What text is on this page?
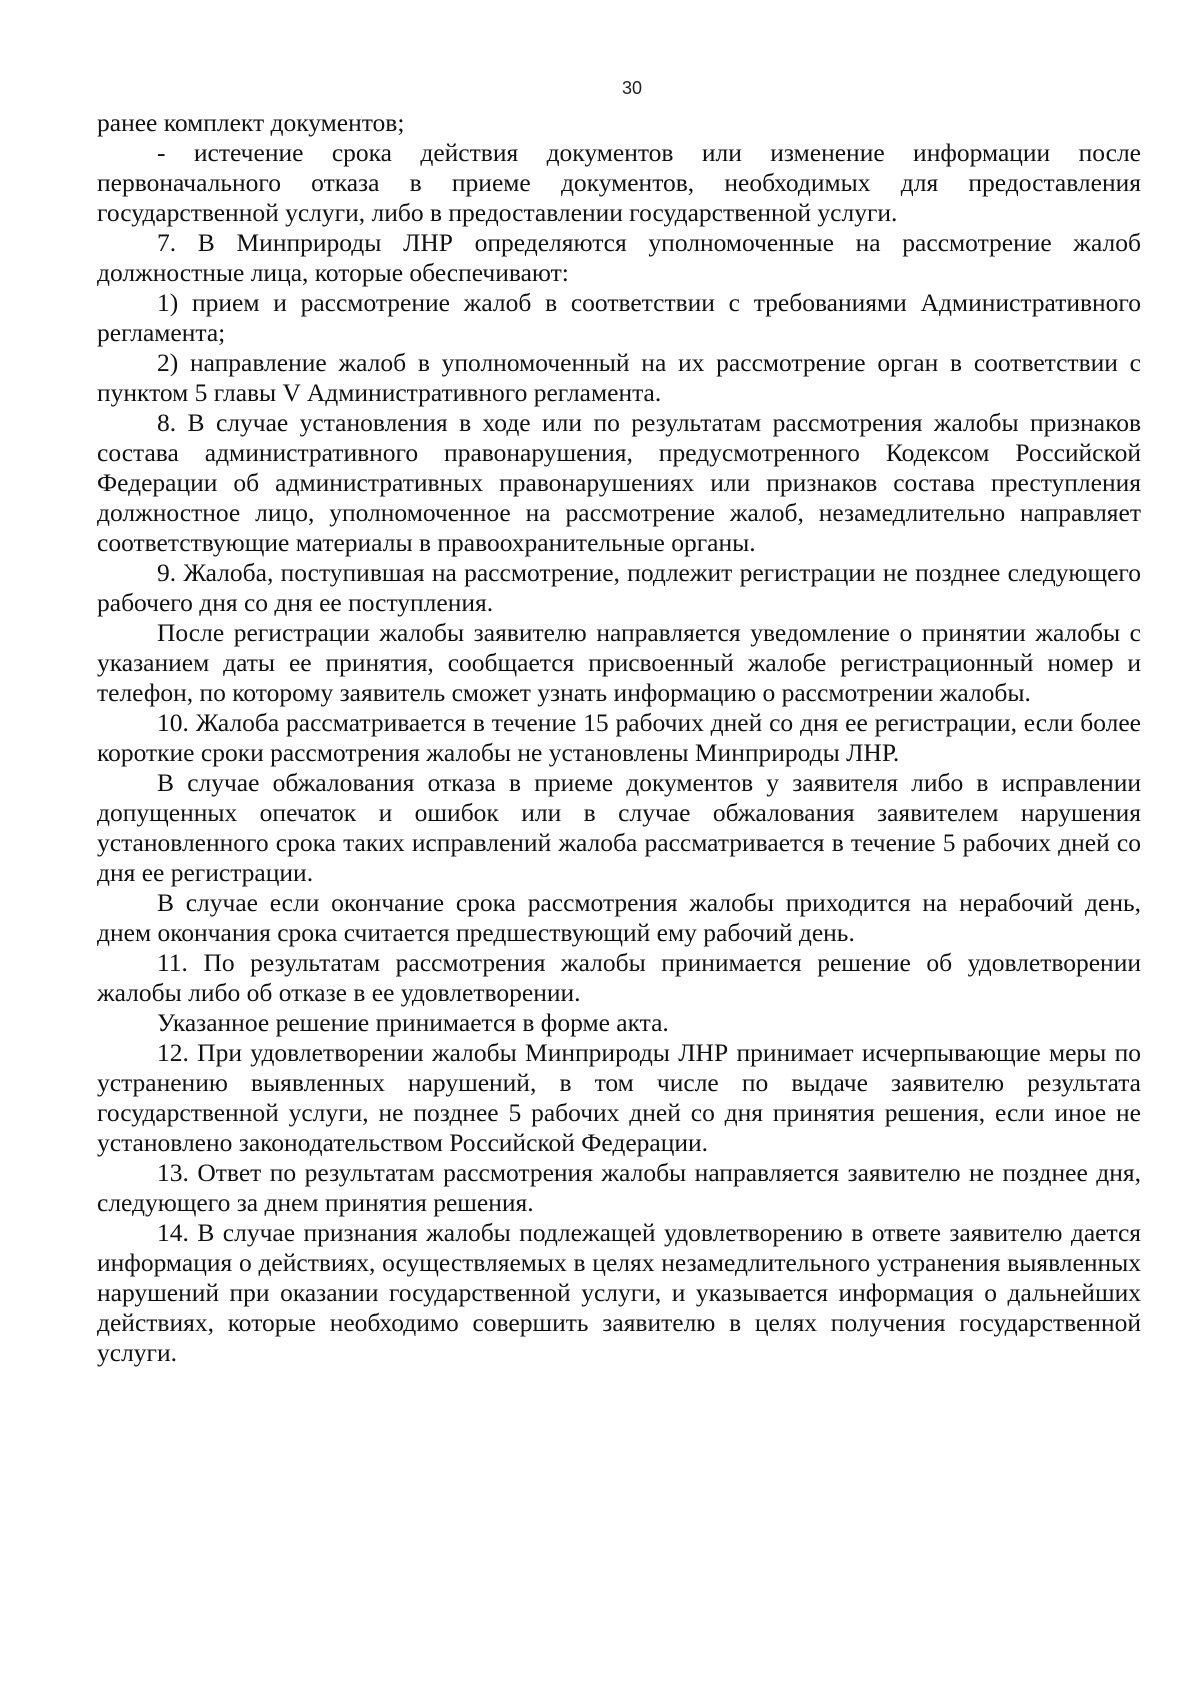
30

ранее комплект документов;

- истечение срока действия документов или изменение информации после первоначального отказа в приеме документов, необходимых для предоставления государственной услуги, либо в предоставлении государственной услуги.

7. В Минприроды ЛНР определяются уполномоченные на рассмотрение жалоб должностные лица, которые обеспечивают:

1) прием и рассмотрение жалоб в соответствии с требованиями Административного регламента;

2) направление жалоб в уполномоченный на их рассмотрение орган в соответствии с пунктом 5 главы V Административного регламента.

8. В случае установления в ходе или по результатам рассмотрения жалобы признаков состава административного правонарушения, предусмотренного Кодексом Российской Федерации об административных правонарушениях или признаков состава преступления должностное лицо, уполномоченное на рассмотрение жалоб, незамедлительно направляет соответствующие материалы в правоохранительные органы.

9. Жалоба, поступившая на рассмотрение, подлежит регистрации не позднее следующего рабочего дня со дня ее поступления.

После регистрации жалобы заявителю направляется уведомление о принятии жалобы с указанием даты ее принятия, сообщается присвоенный жалобе регистрационный номер и телефон, по которому заявитель сможет узнать информацию о рассмотрении жалобы.

10. Жалоба рассматривается в течение 15 рабочих дней со дня ее регистрации, если более короткие сроки рассмотрения жалобы не установлены Минприроды ЛНР.

В случае обжалования отказа в приеме документов у заявителя либо в исправлении допущенных опечаток и ошибок или в случае обжалования заявителем нарушения установленного срока таких исправлений жалоба рассматривается в течение 5 рабочих дней со дня ее регистрации.

В случае если окончание срока рассмотрения жалобы приходится на нерабочий день, днем окончания срока считается предшествующий ему рабочий день.

11. По результатам рассмотрения жалобы принимается решение об удовлетворении жалобы либо об отказе в ее удовлетворении.

Указанное решение принимается в форме акта.

12. При удовлетворении жалобы Минприроды ЛНР принимает исчерпывающие меры по устранению выявленных нарушений, в том числе по выдаче заявителю результата государственной услуги, не позднее 5 рабочих дней со дня принятия решения, если иное не установлено законодательством Российской Федерации.

13. Ответ по результатам рассмотрения жалобы направляется заявителю не позднее дня, следующего за днем принятия решения.

14. В случае признания жалобы подлежащей удовлетворению в ответе заявителю дается информация о действиях, осуществляемых в целях незамедлительного устранения выявленных нарушений при оказании государственной услуги, и указывается информация о дальнейших действиях, которые необходимо совершить заявителю в целях получения государственной услуги.
